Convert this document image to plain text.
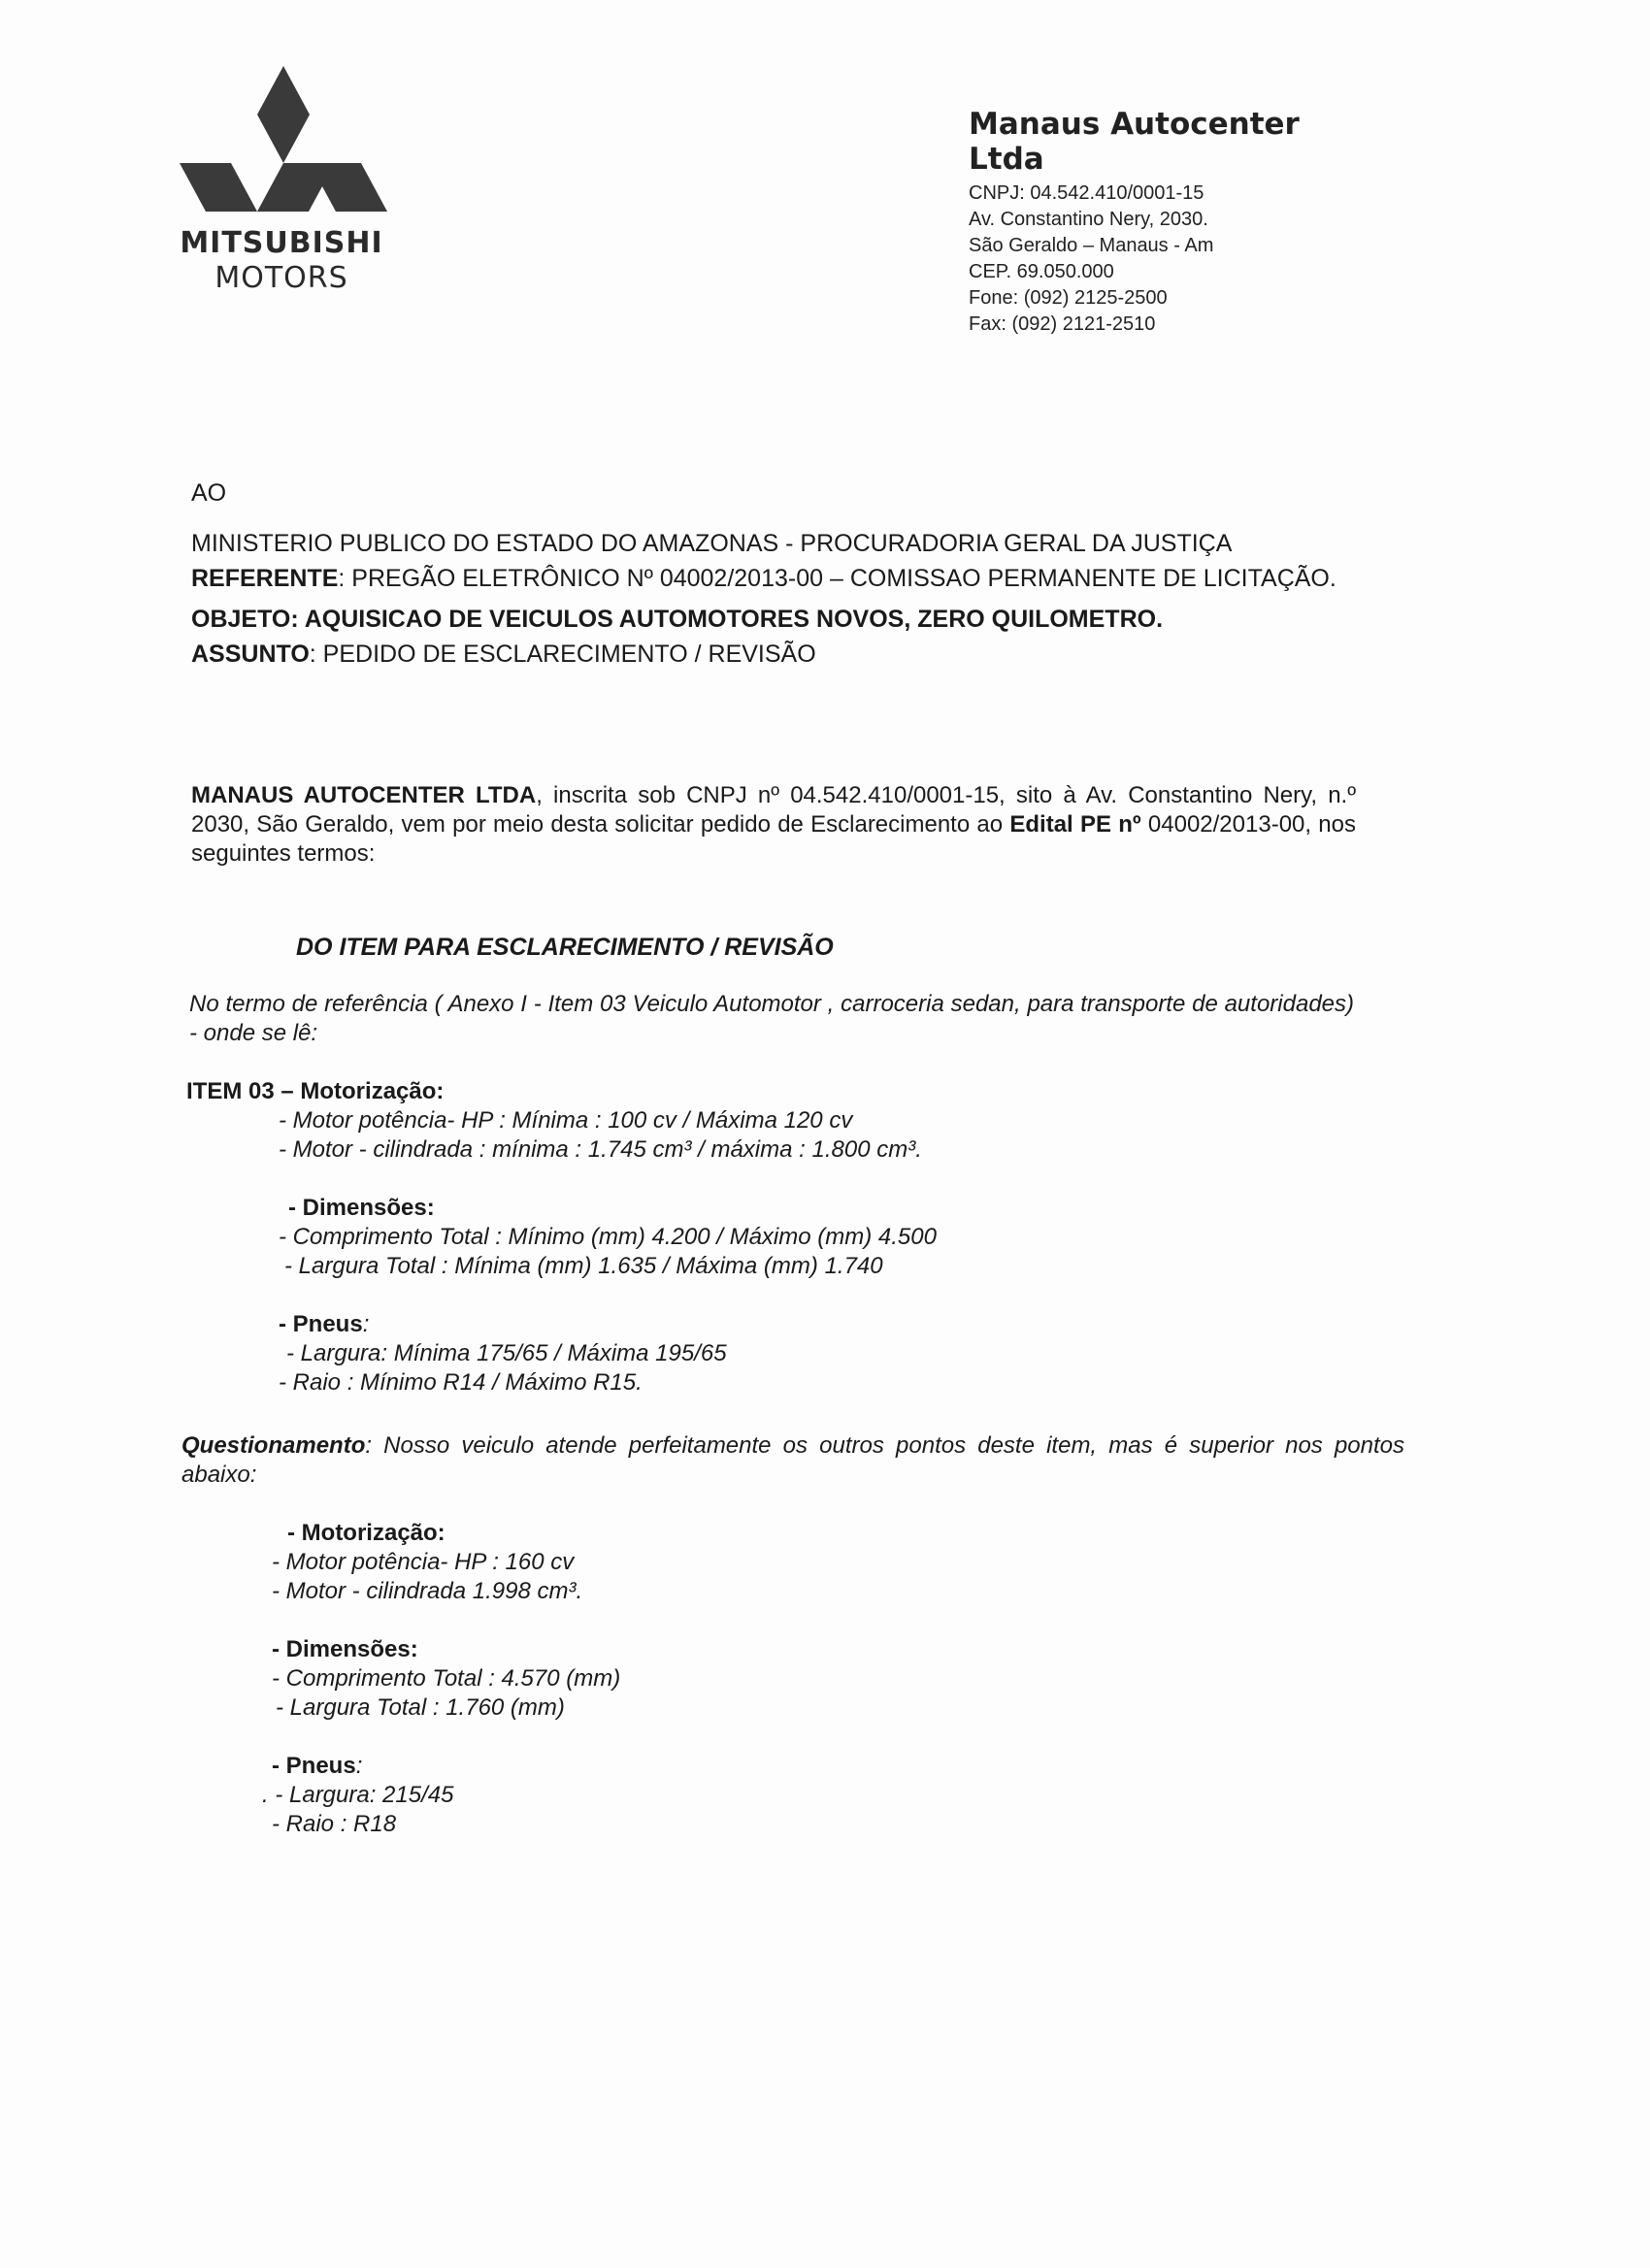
MITSUBISHI
MOTORS
Manaus Autocenter Ltda
CNPJ: 04.542.410/0001-15
Av. Constantino Nery, 2030.
São Geraldo – Manaus - Am
CEP. 69.050.000
Fone: (092) 2125-2500
Fax: (092) 2121-2510
AO
MINISTERIO PUBLICO DO ESTADO DO AMAZONAS - PROCURADORIA GERAL DA JUSTIÇA
REFERENTE: PREGÃO ELETRÔNICO Nº 04002/2013-00 – COMISSAO PERMANENTE DE LICITAÇÃO.
OBJETO: AQUISICAO DE VEICULOS AUTOMOTORES NOVOS, ZERO QUILOMETRO.
ASSUNTO: PEDIDO DE ESCLARECIMENTO / REVISÃO
MANAUS AUTOCENTER LTDA, inscrita sob CNPJ nº 04.542.410/0001-15, sito à Av. Constantino Nery, n.º 2030, São Geraldo, vem por meio desta solicitar pedido de Esclarecimento ao Edital PE nº 04002/2013-00, nos seguintes termos:
DO ITEM PARA ESCLARECIMENTO / REVISÃO
No termo de referência ( Anexo I - Item 03 Veiculo Automotor , carroceria sedan, para transporte de autoridades) - onde se lê:
ITEM 03 – Motorização:
- Motor potência- HP : Mínima : 100 cv / Máxima 120 cv
- Motor - cilindrada : mínima : 1.745 cm³ / máxima : 1.800 cm³.
- Dimensões:
- Comprimento Total : Mínimo (mm) 4.200 / Máximo (mm) 4.500
- Largura Total : Mínima (mm) 1.635 / Máxima (mm) 1.740
- Pneus:
- Largura: Mínima 175/65 / Máxima 195/65
- Raio : Mínimo R14 / Máximo R15.
Questionamento: Nosso veiculo atende perfeitamente os outros pontos deste item, mas é superior nos pontos abaixo:
- Motorização:
- Motor potência- HP : 160 cv
- Motor - cilindrada 1.998 cm³.
- Dimensões:
- Comprimento Total : 4.570 (mm)
- Largura Total : 1.760 (mm)
- Pneus:
. - Largura: 215/45
- Raio : R18
